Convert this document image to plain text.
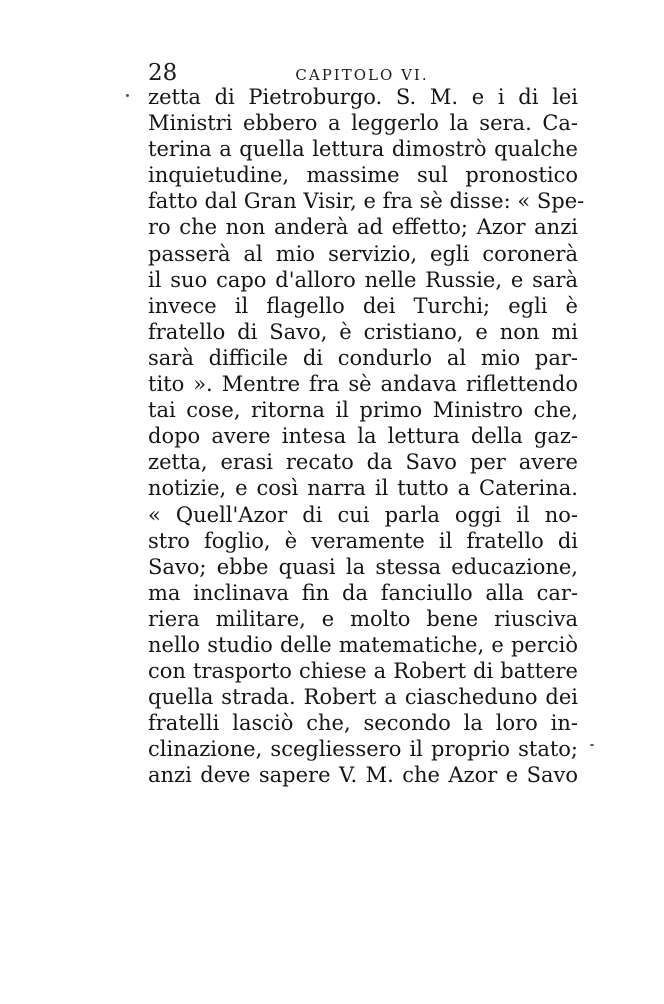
28	CAPITOLO VI.
zetta di Pietroburgo. S. M. e i di lei
Ministri ebbero a leggerlo la sera. Ca-
terina a quella lettura dimostrò qualche
inquietudine, massime sul pronostico
fatto dal Gran Visir, e fra sè disse: « Spe-
ro che non anderà ad effetto; Azor anzi
passerà al mio servizio, egli coronerà
il suo capo d'alloro nelle Russie, e sarà
invece il flagello dei Turchi; egli è
fratello di Savo, è cristiano, e non mi
sarà difficile di condurlo al mio par-
tito ». Mentre fra sè andava riflettendo
tai cose, ritorna il primo Ministro che,
dopo avere intesa la lettura della gaz-
zetta, erasi recato da Savo per avere
notizie, e così narra il tutto a Caterina.
« Quell'Azor di cui parla oggi il no-
stro foglio, è veramente il fratello di
Savo; ebbe quasi la stessa educazione,
ma inclinava fin da fanciullo alla car-
riera militare, e molto bene riusciva
nello studio delle matematiche, e perciò
con trasporto chiese a Robert di battere
quella strada. Robert a ciascheduno dei
fratelli lasciò che, secondo la loro in-
clinazione, scegliessero il proprio stato;
anzi deve sapere V. M. che Azor e Savo
